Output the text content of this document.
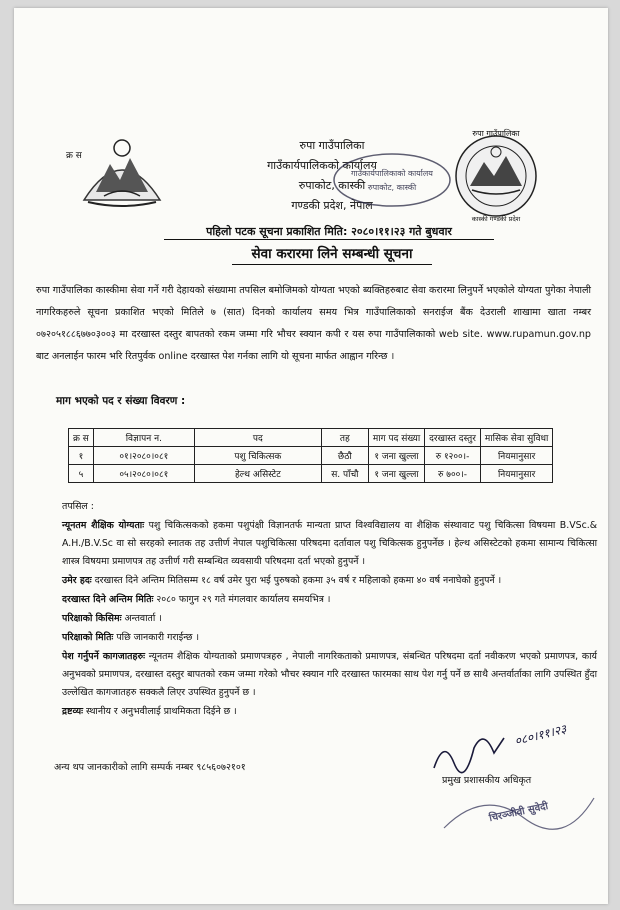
क्र स
रुपा गाउँपालिका
गाउँकार्यपालिकको कार्यालय
रुपाकोट, कास्की
गण्डकी प्रदेश, नेपाल
गाउँकार्यपालिकाको कार्यालय
रुपाकोट, कास्की
रुपा गाउँपालिका
कास्की गण्डकी प्रदेश
पहिलो पटक सूचना प्रकाशित मिति: २०८०।११।२३ गते बुधवार
सेवा करारमा लिने सम्बन्धी सूचना
रुपा गाउँपालिका कास्कीमा सेवा गर्ने गरी देहायको संख्यामा तपसिल बमोजिमको योग्यता भएको ब्यक्तिहरुबाट सेवा करारमा लिनुपर्ने भएकोले योग्यता पुगेका नेपाली नागरिकहरुले सूचना प्रकाशित भएको मितिले ७ (सात) दिनको कार्यालय समय भित्र गाउँपालिकाको सनराईज बैंक देउराली शाखामा खाता नम्बर ०७२०५१८८६७७०३००३ मा दरखास्त दस्तुर बापतको रकम जम्मा गरि भौचर स्क्यान कपी र यस रुपा गाउँपालिकाको web site. www.rupamun.gov.np बाट अनलाईन फारम भरि रितपुर्वक online दरखास्त पेश गर्नका लागि यो सूचना मार्फत आह्वान गरिन्छ ।
माग भएको पद र संख्या विवरण :
क्र स	विज्ञापन न.	पद	तह	माग पद संख्या	दरखास्त दस्तुर	मासिक सेवा सुविधा
१	०१।२०८०।०८१	पशु चिकित्सक	छैठौ	१ जना खुल्ला	रु १२००।-	नियमानुसार
५	०५।२०८०।०८१	हेल्थ असिस्टेट	स. पाँचौ	१ जना खुल्ला	रु ७००।-	नियमानुसार

तपसिल :

न्यूनतम शैक्षिक योग्यताः पशु चिकित्सकको हकमा पशुपंक्षी विज्ञानतर्फ मान्यता प्राप्त विश्वविद्यालय वा शैक्षिक संस्थावाट पशु चिकित्सा विषयमा B.VSc.& A.H./B.V.Sc वा सो सरहको स्नातक तह उत्तीर्ण नेपाल पशुचिकित्सा परिषदमा दर्तावाल पशु चिकित्सक हुनुपर्नेछ । हेल्थ असिस्टेटको हकमा सामान्य चिकित्सा शास्त्र विषयमा प्रमाणपत्र तह उत्तीर्ण गरी सम्बन्धित व्यवसायी परिषदमा दर्ता भएको हुनुपर्ने ।

उमेर हदः दरखास्त दिने अन्तिम मितिसम्म १८ वर्ष उमेर पुरा भई पुरुषको हकमा ३५ वर्ष र महिलाको हकमा ४० वर्ष ननाघेको हुनुपर्ने ।

दरखास्त दिने अन्तिम मितिः २०८० फागुन २९ गते मंगलवार कार्यालय समयभित्र ।

परिक्षाको किसिमः अन्तवार्ता ।

परिक्षाको मितिः पछि जानकारी गराईन्छ ।

पेश गर्नुपर्ने कागजातहरुः न्यूनतम शैक्षिक योग्यताको प्रमाणपत्रहरु , नेपाली नागरिकताको प्रमाणपत्र, संबन्धित परिषदमा दर्ता नवीकरण भएको प्रमाणपत्र, कार्य अनुभवको प्रमाणपत्र, दरखास्त दस्तुर बापतको रकम जम्मा गरेको भौचर स्क्यान गरि दरखास्त फारमका साथ पेश गर्नु पर्ने छ साथै अन्तर्वार्ताका लागि उपस्थित हुँदा उल्लेखित कागजातहरु सक्कलै लिएर उपस्थित हुनुपर्ने छ ।

द्रष्टव्यः स्थानीय र अनुभवीलाई प्राथमिकता दिईने छ ।

अन्य थप जानकारीको लागि सम्पर्क नम्बर ९८५६०७२१०१
०८०।११।२३
प्रमुख प्रशासकीय अधिकृत
चिरञ्जीवी सुवेदी
